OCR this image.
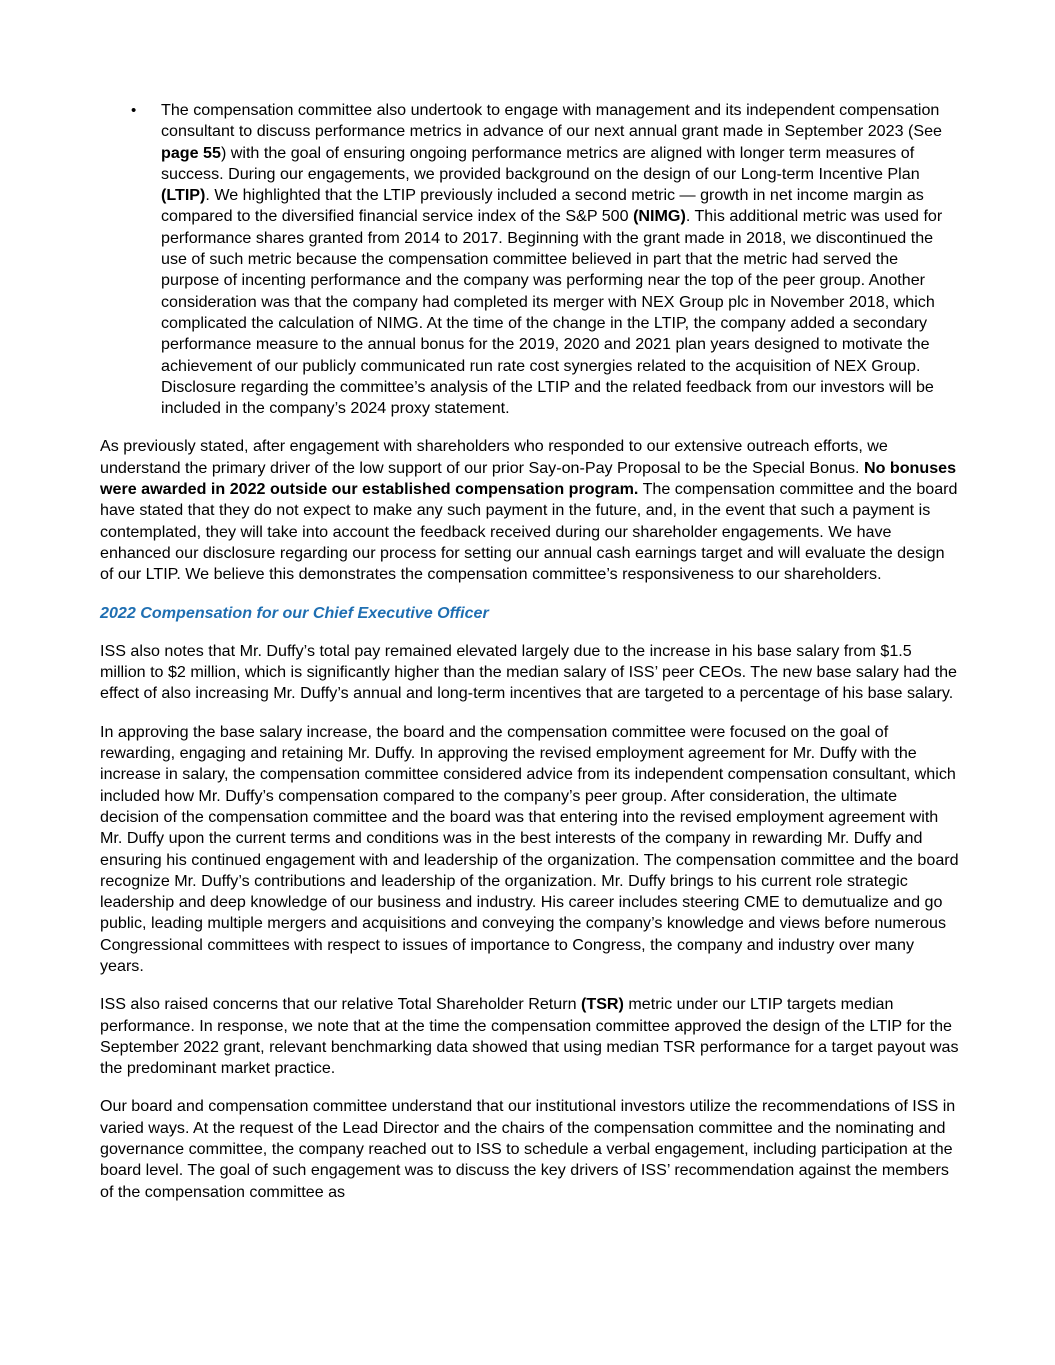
• The compensation committee also undertook to engage with management and its independent compensation consultant to discuss performance metrics in advance of our next annual grant made in September 2023 (See page 55) with the goal of ensuring ongoing performance metrics are aligned with longer term measures of success. During our engagements, we provided background on the design of our Long-term Incentive Plan (LTIP). We highlighted that the LTIP previously included a second metric — growth in net income margin as compared to the diversified financial service index of the S&P 500 (NIMG). This additional metric was used for performance shares granted from 2014 to 2017. Beginning with the grant made in 2018, we discontinued the use of such metric because the compensation committee believed in part that the metric had served the purpose of incenting performance and the company was performing near the top of the peer group. Another consideration was that the company had completed its merger with NEX Group plc in November 2018, which complicated the calculation of NIMG. At the time of the change in the LTIP, the company added a secondary performance measure to the annual bonus for the 2019, 2020 and 2021 plan years designed to motivate the achievement of our publicly communicated run rate cost synergies related to the acquisition of NEX Group. Disclosure regarding the committee’s analysis of the LTIP and the related feedback from our investors will be included in the company’s 2024 proxy statement.

As previously stated, after engagement with shareholders who responded to our extensive outreach efforts, we understand the primary driver of the low support of our prior Say-on-Pay Proposal to be the Special Bonus. No bonuses were awarded in 2022 outside our established compensation program. The compensation committee and the board have stated that they do not expect to make any such payment in the future, and, in the event that such a payment is contemplated, they will take into account the feedback received during our shareholder engagements. We have enhanced our disclosure regarding our process for setting our annual cash earnings target and will evaluate the design of our LTIP. We believe this demonstrates the compensation committee’s responsiveness to our shareholders.

2022 Compensation for our Chief Executive Officer

ISS also notes that Mr. Duffy’s total pay remained elevated largely due to the increase in his base salary from $1.5 million to $2 million, which is significantly higher than the median salary of ISS’ peer CEOs. The new base salary had the effect of also increasing Mr. Duffy’s annual and long-term incentives that are targeted to a percentage of his base salary.

In approving the base salary increase, the board and the compensation committee were focused on the goal of rewarding, engaging and retaining Mr. Duffy. In approving the revised employment agreement for Mr. Duffy with the increase in salary, the compensation committee considered advice from its independent compensation consultant, which included how Mr. Duffy’s compensation compared to the company’s peer group. After consideration, the ultimate decision of the compensation committee and the board was that entering into the revised employment agreement with Mr. Duffy upon the current terms and conditions was in the best interests of the company in rewarding Mr. Duffy and ensuring his continued engagement with and leadership of the organization. The compensation committee and the board recognize Mr. Duffy’s contributions and leadership of the organization. Mr. Duffy brings to his current role strategic leadership and deep knowledge of our business and industry. His career includes steering CME to demutualize and go public, leading multiple mergers and acquisitions and conveying the company’s knowledge and views before numerous Congressional committees with respect to issues of importance to Congress, the company and industry over many years.

ISS also raised concerns that our relative Total Shareholder Return (TSR) metric under our LTIP targets median performance. In response, we note that at the time the compensation committee approved the design of the LTIP for the September 2022 grant, relevant benchmarking data showed that using median TSR performance for a target payout was the predominant market practice.

Our board and compensation committee understand that our institutional investors utilize the recommendations of ISS in varied ways. At the request of the Lead Director and the chairs of the compensation committee and the nominating and governance committee, the company reached out to ISS to schedule a verbal engagement, including participation at the board level. The goal of such engagement was to discuss the key drivers of ISS’ recommendation against the members of the compensation committee as
